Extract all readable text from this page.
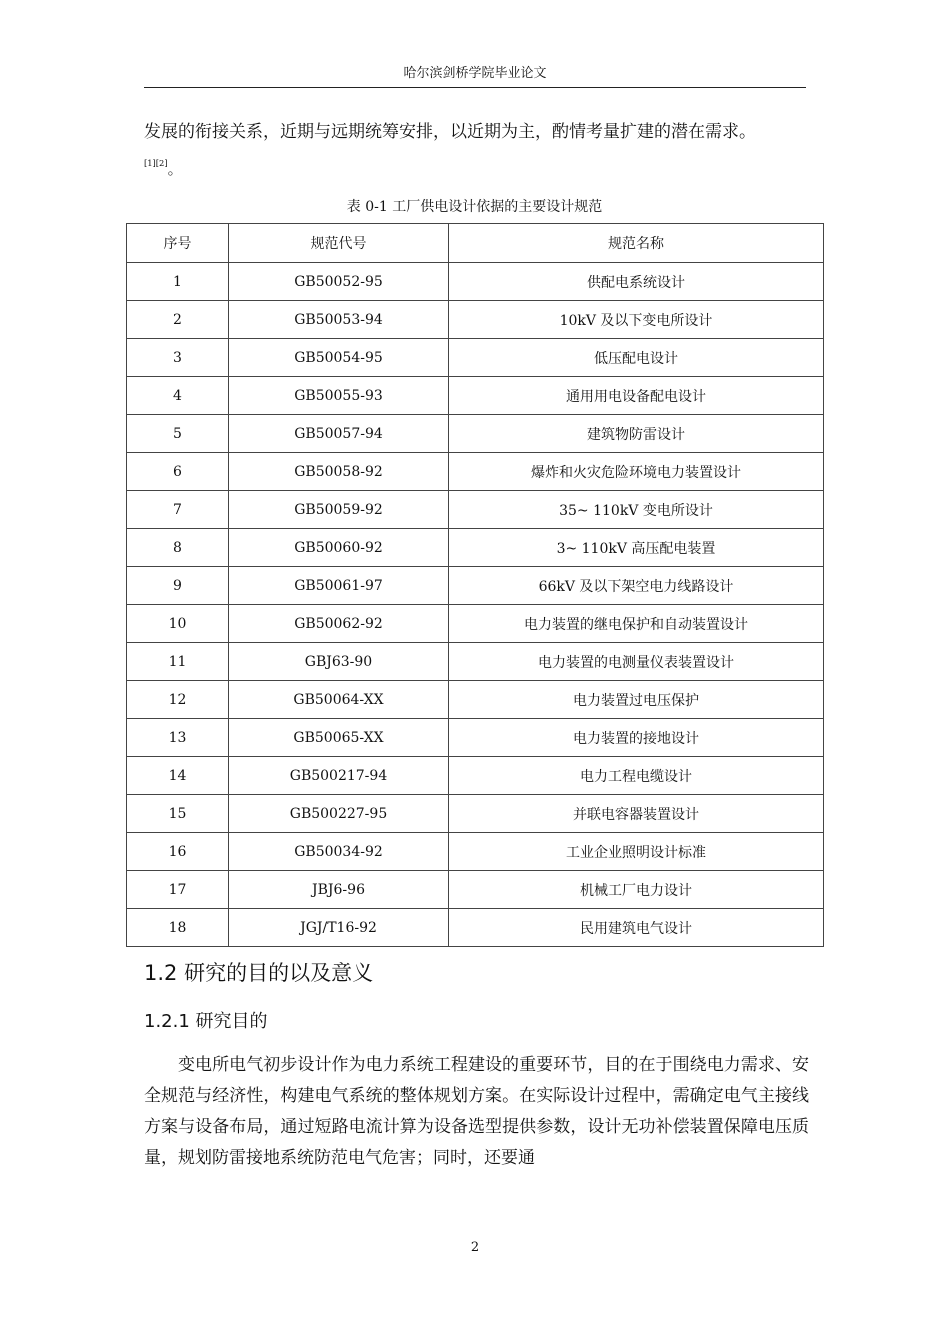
哈尔滨剑桥学院毕业论文

发展的衔接关系，近期与远期统筹安排，以近期为主，酌情考量扩建的潜在需求。

[1][2]。
表 0-1 工厂供电设计依据的主要设计规范
序号	规范代号	规范名称
1	GB50052-95	供配电系统设计
2	GB50053-94	10kV 及以下变电所设计
3	GB50054-95	低压配电设计
4	GB50055-93	通用用电设备配电设计
5	GB50057-94	建筑物防雷设计
6	GB50058-92	爆炸和火灾危险环境电力装置设计
7	GB50059-92	35~ 110kV 变电所设计
8	GB50060-92	3~ 110kV 高压配电装置
9	GB50061-97	66kV 及以下架空电力线路设计
10	GB50062-92	电力装置的继电保护和自动装置设计
11	GBJ63-90	电力装置的电测量仪表装置设计
12	GB50064-XX	电力装置过电压保护
13	GB50065-XX	电力装置的接地设计
14	GB500217-94	电力工程电缆设计
15	GB500227-95	并联电容器装置设计
16	GB50034-92	工业企业照明设计标准
17	JBJ6-96	机械工厂电力设计
18	JGJ/T16-92	民用建筑电气设计
1.2 研究的目的以及意义
1.2.1 研究目的

变电所电气初步设计作为电力系统工程建设的重要环节，目的在于围绕电力需求、安全规范与经济性，构建电气系统的整体规划方案。在实际设计过程中，需确定电气主接线方案与设备布局，通过短路电流计算为设备选型提供参数，设计无功补偿装置保障电压质量，规划防雷接地系统防范电气危害；同时，还要通

2
